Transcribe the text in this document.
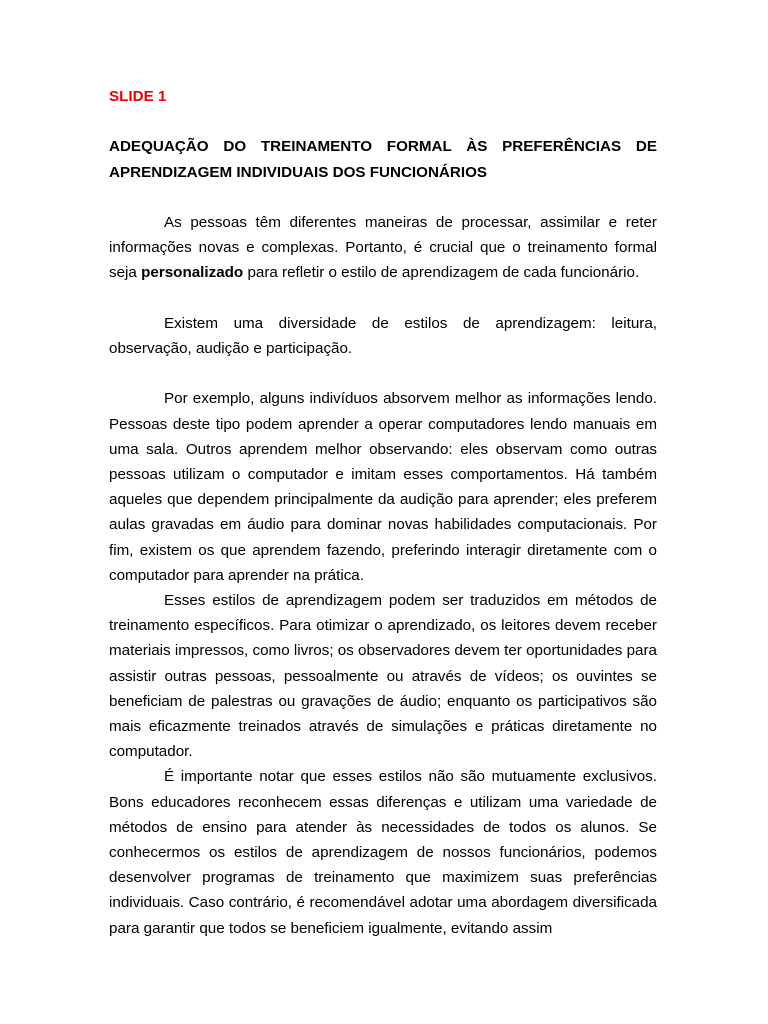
SLIDE 1

ADEQUAÇÃO DO TREINAMENTO FORMAL ÀS PREFERÊNCIAS DE APRENDIZAGEM INDIVIDUAIS DOS FUNCIONÁRIOS

As pessoas têm diferentes maneiras de processar, assimilar e reter informações novas e complexas. Portanto, é crucial que o treinamento formal seja personalizado para refletir o estilo de aprendizagem de cada funcionário.

Existem uma diversidade de estilos de aprendizagem: leitura, observação, audição e participação.

Por exemplo, alguns indivíduos absorvem melhor as informações lendo. Pessoas deste tipo podem aprender a operar computadores lendo manuais em uma sala. Outros aprendem melhor observando: eles observam como outras pessoas utilizam o computador e imitam esses comportamentos. Há também aqueles que dependem principalmente da audição para aprender; eles preferem aulas gravadas em áudio para dominar novas habilidades computacionais. Por fim, existem os que aprendem fazendo, preferindo interagir diretamente com o computador para aprender na prática.

Esses estilos de aprendizagem podem ser traduzidos em métodos de treinamento específicos. Para otimizar o aprendizado, os leitores devem receber materiais impressos, como livros; os observadores devem ter oportunidades para assistir outras pessoas, pessoalmente ou através de vídeos; os ouvintes se beneficiam de palestras ou gravações de áudio; enquanto os participativos são mais eficazmente treinados através de simulações e práticas diretamente no computador.

É importante notar que esses estilos não são mutuamente exclusivos. Bons educadores reconhecem essas diferenças e utilizam uma variedade de métodos de ensino para atender às necessidades de todos os alunos. Se conhecermos os estilos de aprendizagem de nossos funcionários, podemos desenvolver programas de treinamento que maximizem suas preferências individuais. Caso contrário, é recomendável adotar uma abordagem diversificada para garantir que todos se beneficiem igualmente, evitando assim
